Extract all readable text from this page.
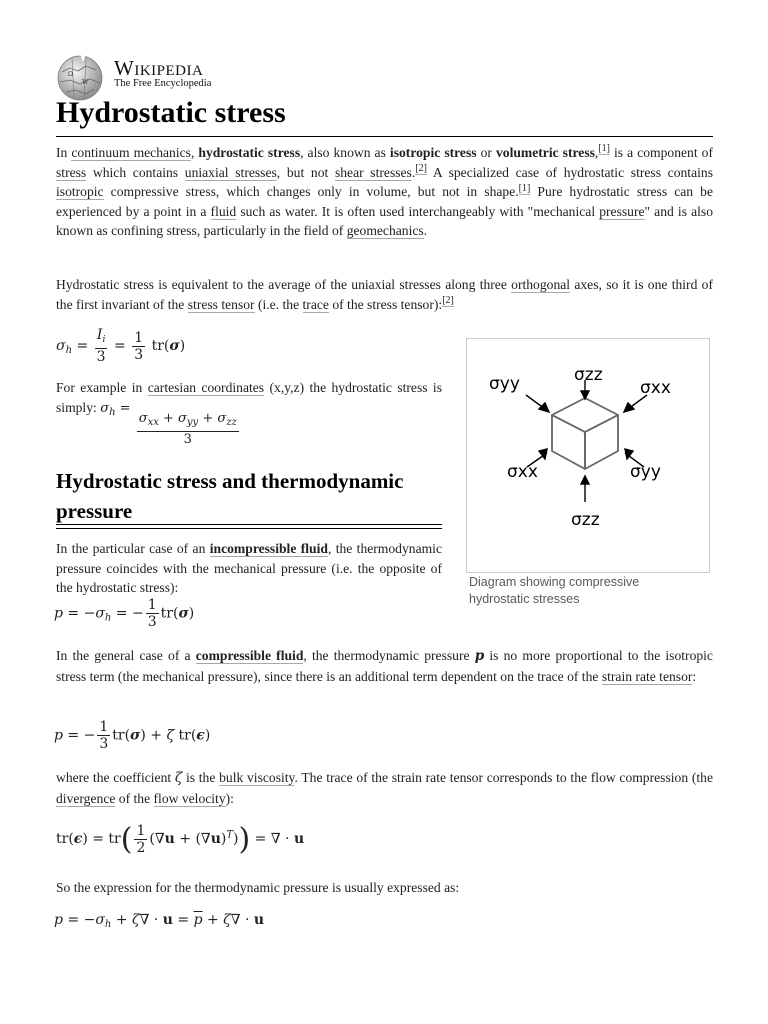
Ω
W
Wikipedia
The Free Encyclopedia
Hydrostatic stress
In continuum mechanics, hydrostatic stress, also known as isotropic stress or volumetric stress,[1] is a component of stress which contains uniaxial stresses, but not shear stresses.[2] A specialized case of hydrostatic stress contains isotropic compressive stress, which changes only in volume, but not in shape.[1] Pure hydrostatic stress can be experienced by a point in a fluid such as water. It is often used interchangeably with "mechanical pressure" and is also known as confining stress, particularly in the field of geomechanics.
Hydrostatic stress is equivalent to the average of the uniaxial stresses along three orthogonal axes, so it is one third of the first invariant of the stress tensor (i.e. the trace of the stress tensor):[2]
$\sigma_h = \frac{I_i}{3} = \frac{1}{3} tr(\sigma)$
For example in cartesian coordinates (x,y,z) the hydrostatic stress is simply: $\sigma_h$ =
$\frac{\sigma_{xx} + \sigma_{yy} + \sigma_{zz}}{3}$
Hydrostatic stress and thermodynamic pressure
In the particular case of an incompressible fluid, the thermodynamic pressure coincides with the mechanical pressure (i.e. the opposite of the hydrostatic stress):
$p = -\sigma_h$ = − $\frac{1}{3} tr(\sigma)$
σzz
σyy	σxx
σxx	σyy
σzz
Diagram showing compressive hydrostatic stresses
In the general case of a compressible fluid, the thermodynamic pressure p is no more proportional to the isotropic stress term (the mechanical pressure), since there is an additional term dependent on the trace of the strain rate tensor:
p = − $\frac{1}{3} tr(\sigma) + \zeta$ tr(ϵ)
where the coefficient ζ is the bulk viscosity. The trace of the strain rate tensor corresponds to the flow compression (the divergence of the flow velocity):
$tr(\epsilon) = tr( \frac{1}{2} (\nabla u + (\nabla u)^T))$ = ∇ · u
So the expression for the thermodynamic pressure is usually expressed as:
$p = -\sigma_h + \zeta\nabla \cdot u = \overline{p} + \zeta\nabla \cdot u$
